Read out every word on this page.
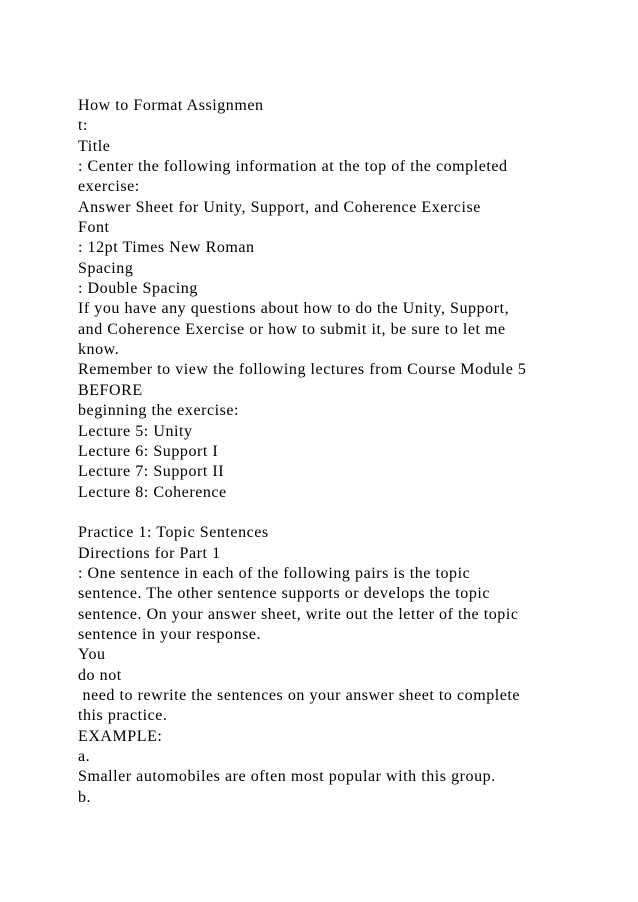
How to Format Assignmen
t:
Title
: Center the following information at the top of the completed
exercise:
Answer Sheet for Unity, Support, and Coherence Exercise
Font
: 12pt Times New Roman
Spacing
: Double Spacing
If you have any questions about how to do the Unity, Support,
and Coherence Exercise or how to submit it, be sure to let me
know.
Remember to view the following lectures from Course Module 5
BEFORE
beginning the exercise:
Lecture 5: Unity
Lecture 6: Support I
Lecture 7: Support II
Lecture 8: Coherence
Practice 1: Topic Sentences
Directions for Part 1
: One sentence in each of the following pairs is the topic
sentence. The other sentence supports or develops the topic
sentence. On your answer sheet, write out the letter of the topic
sentence in your response.
You
do not
need to rewrite the sentences on your answer sheet to complete
this practice.
EXAMPLE:
a.
Smaller automobiles are often most popular with this group.
b.
